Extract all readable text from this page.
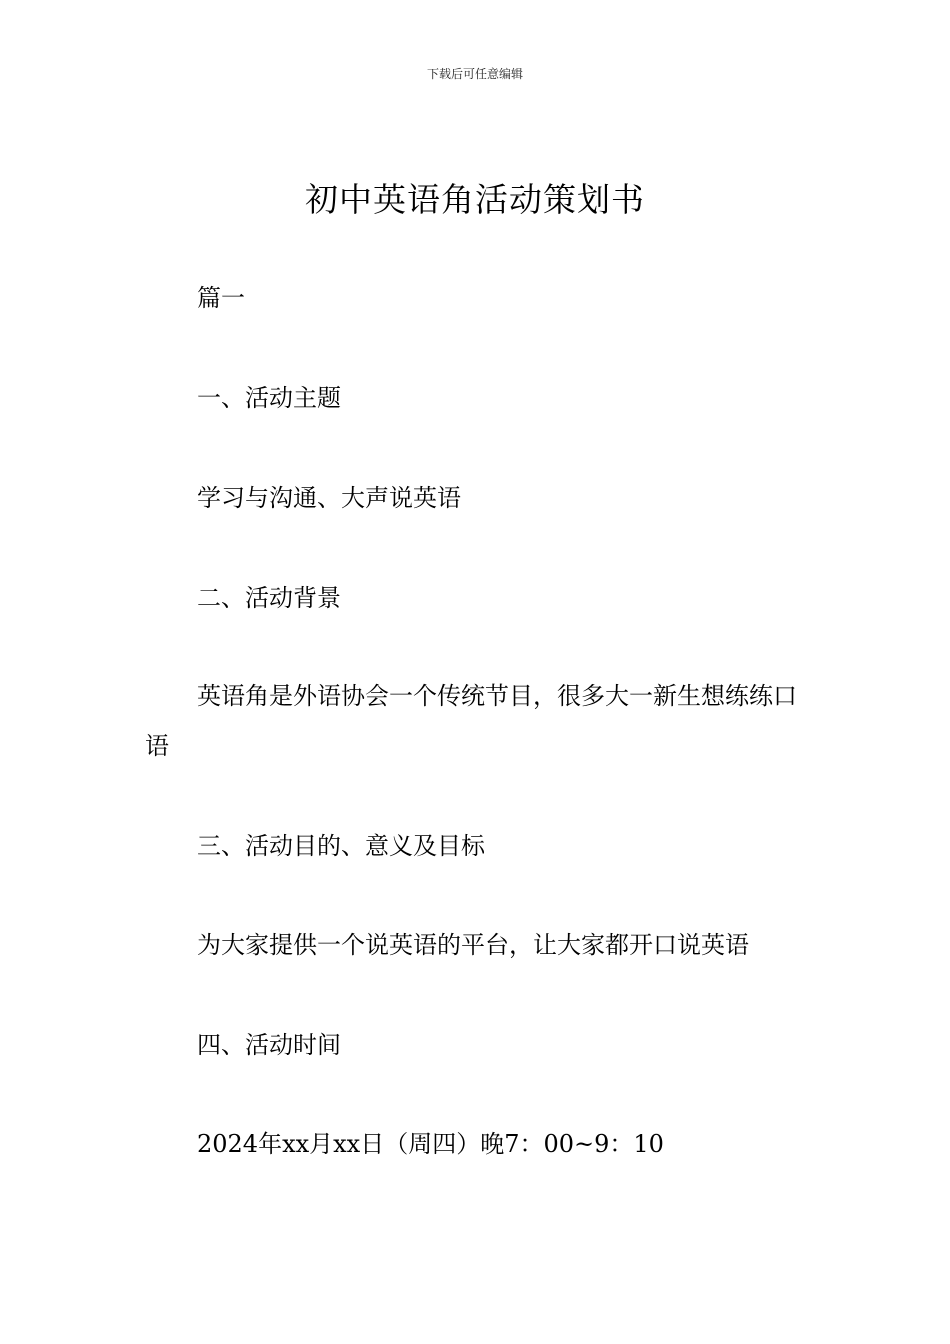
下载后可任意编辑
初中英语角活动策划书
篇一
一、活动主题
学习与沟通、大声说英语
二、活动背景
英语角是外语协会一个传统节目，很多大一新生想练练口语
三、活动目的、意义及目标
为大家提供一个说英语的平台，让大家都开口说英语
四、活动时间
2024年xx月xx日（周四）晚7：00~9：10
